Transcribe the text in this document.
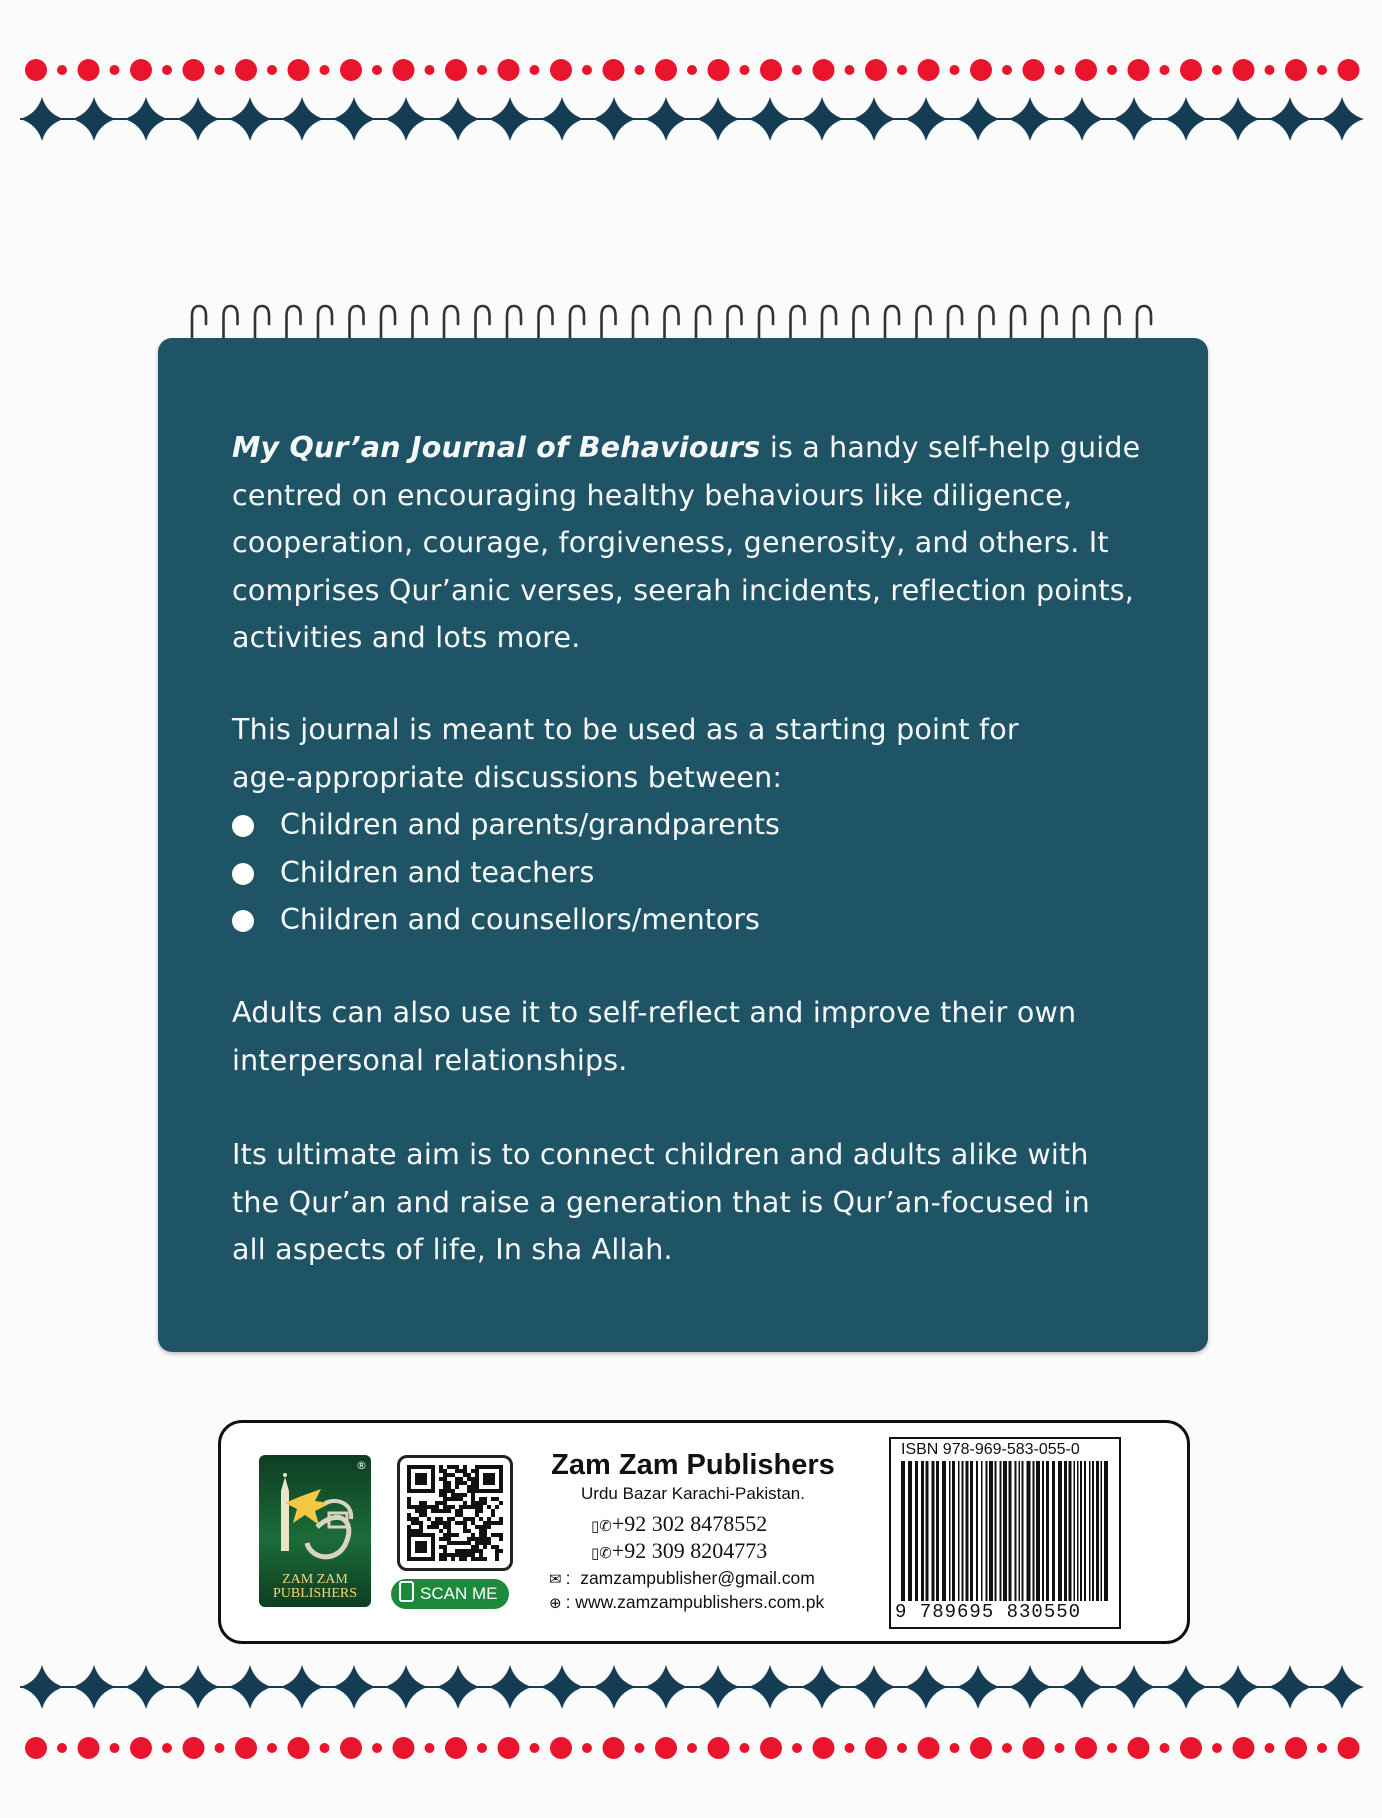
My Qur’an Journal of Behaviours is a handy self-help guide
centred on encouraging healthy behaviours like diligence,
cooperation, courage, forgiveness, generosity, and others. It
comprises Qur’anic verses, seerah incidents, reflection points,
activities and lots more.

This journal is meant to be used as a starting point for
age-appropriate discussions between:

Children and parents/grandparents
Children and teachers
Children and counsellors/mentors

Adults can also use it to self-reflect and improve their own
interpersonal relationships.

Its ultimate aim is to connect children and adults alike with
the Qur’an and raise a generation that is Qur’an-focused in
all aspects of life, In sha Allah.

®
ZAM ZAM
PUBLISHERS	SCAN ME
Zam Zam Publishers
Urdu Bazar Karachi-Pakistan.
▯✆+92 302 8478552
▯✆+92 309 8204773
✉ : zamzampublisher@gmail.com
⊕ : www.zamzampublishers.com.pk
ISBN 978-969-583-055-0
9 789695 830550
